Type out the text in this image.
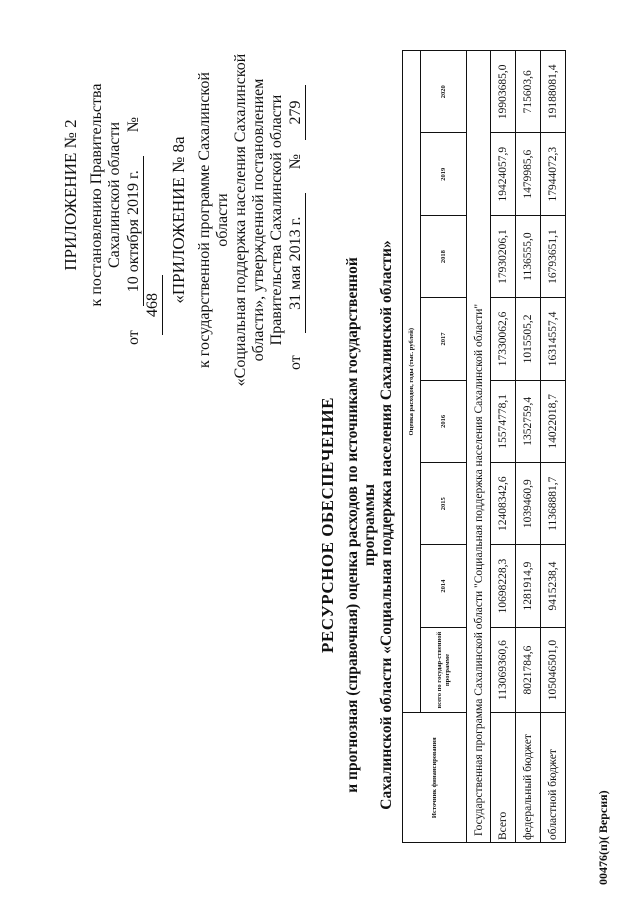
ПРИЛОЖЕНИЕ № 2 к постановлению Правительства Сахалинской области
от 10 октября 2019 г. № 468
«ПРИЛОЖЕНИЕ № 8а к государственной программе Сахалинской области «Социальная поддержка населения Сахалинской области», утвержденной постановлением Правительства Сахалинской области
от 31 мая 2013 г. № 279
РЕСУРСНОЕ ОБЕСПЕЧЕНИЕ и прогнозная (справочная) оценка расходов по источникам государственной программы Сахалинской области «Социальная поддержка населения Сахалинской области»	Источник финансирования	Оценка расходов, годы (тыс. рублей)							
	всего по государ-ственной программе	2014	2015	2016	2017	2018	2019	2020
Государственная программа Сахалинской области "Социальная поддержка населения Сахалинской области"								
Всего	113069360,6	10698228,3	12408342,6	15574778,1	17330062,6	17930206,1	19424057,9	19903685,0
федеральный бюджет	8021784,6	1281914,9	1039460,9	1352759,4	1015505,2	1136555,0	1479985,6	715603,6
областной бюджет	105046501,0	9415238,4	11368881,7	14022018,7	16314557,4	16793651,1	17944072,3	19188081,4
00476(п)( Версия)
